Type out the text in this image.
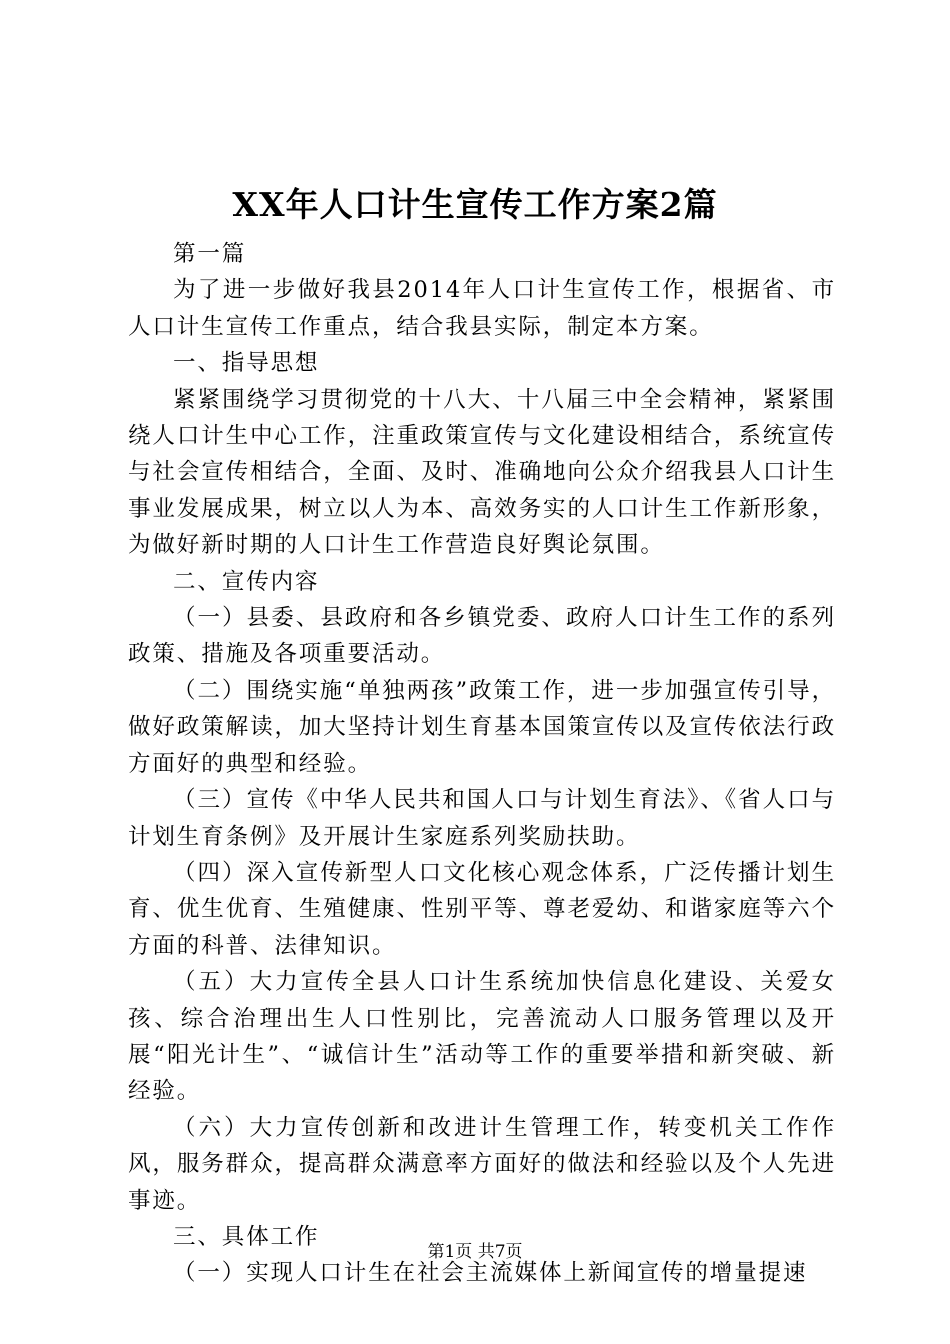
XX年人口计生宣传工作方案2篇

第一篇

为了进一步做好我县2014年人口计生宣传工作，根据省、市人口计生宣传工作重点，结合我县实际，制定本方案。

一、指导思想

紧紧围绕学习贯彻党的十八大、十八届三中全会精神，紧紧围绕人口计生中心工作，注重政策宣传与文化建设相结合，系统宣传与社会宣传相结合，全面、及时、准确地向公众介绍我县人口计生事业发展成果，树立以人为本、高效务实的人口计生工作新形象，为做好新时期的人口计生工作营造良好舆论氛围。

二、宣传内容

（一）县委、县政府和各乡镇党委、政府人口计生工作的系列政策、措施及各项重要活动。

（二）围绕实施“单独两孩”政策工作，进一步加强宣传引导，做好政策解读，加大坚持计划生育基本国策宣传以及宣传依法行政方面好的典型和经验。

（三）宣传《中华人民共和国人口与计划生育法》、《省人口与计划生育条例》及开展计生家庭系列奖励扶助。

（四）深入宣传新型人口文化核心观念体系，广泛传播计划生育、优生优育、生殖健康、性别平等、尊老爱幼、和谐家庭等六个方面的科普、法律知识。

（五）大力宣传全县人口计生系统加快信息化建设、关爱女孩、综合治理出生人口性别比，完善流动人口服务管理以及开展“阳光计生”、“诚信计生”活动等工作的重要举措和新突破、新经验。

（六）大力宣传创新和改进计生管理工作，转变机关工作作风，服务群众，提高群众满意率方面好的做法和经验以及个人先进事迹。

三、具体工作

（一）实现人口计生在社会主流媒体上新闻宣传的增量提速

第1页 共7页
